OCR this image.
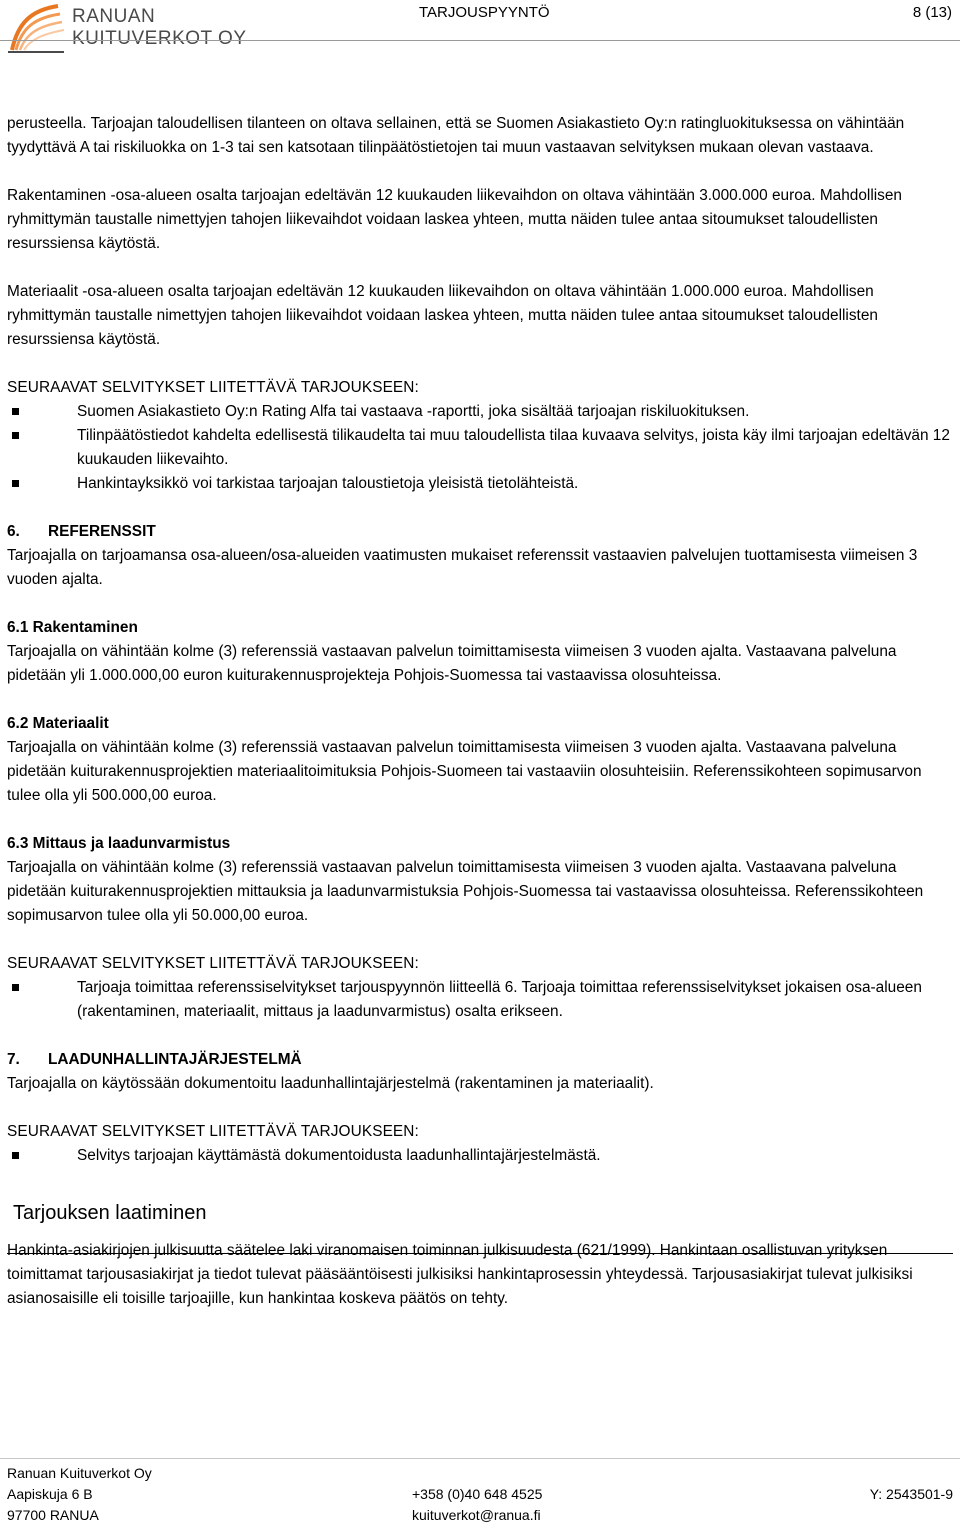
RANUAN
KUITUVERKOT OY
TARJOUSPYYNTÖ	8 (13)

perusteella. Tarjoajan taloudellisen tilanteen on oltava sellainen, että se Suomen Asiakastieto Oy:n ratingluokituksessa on vähintään tyydyttävä A tai riskiluokka on 1-3 tai sen katsotaan tilinpäätöstietojen tai muun vastaavan selvityksen mukaan olevan vastaava.

Rakentaminen -osa-alueen osalta tarjoajan edeltävän 12 kuukauden liikevaihdon on oltava vähintään 3.000.000 euroa. Mahdollisen ryhmittymän taustalle nimettyjen tahojen liikevaihdot voidaan laskea yhteen, mutta näiden tulee antaa sitoumukset taloudellisten resurssiensa käytöstä.

Materiaalit -osa-alueen osalta tarjoajan edeltävän 12 kuukauden liikevaihdon on oltava vähintään 1.000.000 euroa. Mahdollisen ryhmittymän taustalle nimettyjen tahojen liikevaihdot voidaan laskea yhteen, mutta näiden tulee antaa sitoumukset taloudellisten resurssiensa käytöstä.

SEURAAVAT SELVITYKSET LIITETTÄVÄ TARJOUKSEEN:
Suomen Asiakastieto Oy:n Rating Alfa tai vastaava -raportti, joka sisältää tarjoajan riskiluokituksen.
Tilinpäätöstiedot kahdelta edellisestä tilikaudelta tai muu taloudellista tilaa kuvaava selvitys, joista käy ilmi tarjoajan edeltävän 12 kuukauden liikevaihto.
Hankintayksikkö voi tarkistaa tarjoajan taloustietoja yleisistä tietolähteistä.
6. REFERENSSIT

Tarjoajalla on tarjoamansa osa-alueen/osa-alueiden vaatimusten mukaiset referenssit vastaavien palvelujen tuottamisesta viimeisen 3 vuoden ajalta.

6.1 Rakentaminen

Tarjoajalla on vähintään kolme (3) referenssiä vastaavan palvelun toimittamisesta viimeisen 3 vuoden ajalta. Vastaavana palveluna pidetään yli 1.000.000,00 euron kuiturakennusprojekteja Pohjois-Suomessa tai vastaavissa olosuhteissa.

6.2 Materiaalit

Tarjoajalla on vähintään kolme (3) referenssiä vastaavan palvelun toimittamisesta viimeisen 3 vuoden ajalta. Vastaavana palveluna pidetään kuiturakennusprojektien materiaalitoimituksia Pohjois-Suomeen tai vastaaviin olosuhteisiin. Referenssikohteen sopimusarvon tulee olla yli 500.000,00 euroa.

6.3 Mittaus ja laadunvarmistus

Tarjoajalla on vähintään kolme (3) referenssiä vastaavan palvelun toimittamisesta viimeisen 3 vuoden ajalta. Vastaavana palveluna pidetään kuiturakennusprojektien mittauksia ja laadunvarmistuksia Pohjois-Suomessa tai vastaavissa olosuhteissa. Referenssikohteen sopimusarvon tulee olla yli 50.000,00 euroa.

SEURAAVAT SELVITYKSET LIITETTÄVÄ TARJOUKSEEN:
Tarjoaja toimittaa referenssiselvitykset tarjouspyynnön liitteellä 6. Tarjoaja toimittaa referenssiselvitykset jokaisen osa-alueen (rakentaminen, materiaalit, mittaus ja laadunvarmistus) osalta erikseen.
7. LAADUNHALLINTAJÄRJESTELMÄ

Tarjoajalla on käytössään dokumentoitu laadunhallintajärjestelmä (rakentaminen ja materiaalit).

SEURAAVAT SELVITYKSET LIITETTÄVÄ TARJOUKSEEN:
Selvitys tarjoajan käyttämästä dokumentoidusta laadunhallintajärjestelmästä.
Tarjouksen laatiminen

Hankinta-asiakirjojen julkisuutta säätelee laki viranomaisen toiminnan julkisuudesta (621/1999). Hankintaan osallistuvan yrityksen toimittamat tarjousasiakirjat ja tiedot tulevat pääsääntöisesti julkisiksi hankintaprosessin yhteydessä. Tarjousasiakirjat tulevat julkisiksi asianosaisille eli toisille tarjoajille, kun hankintaa koskeva päätös on tehty.

Ranuan Kuituverkot Oy
Aapiskuja 6 B
97700 RANUA
+358 (0)40 648 4525
kuituverkot@ranua.fi
Y: 2543501-9
